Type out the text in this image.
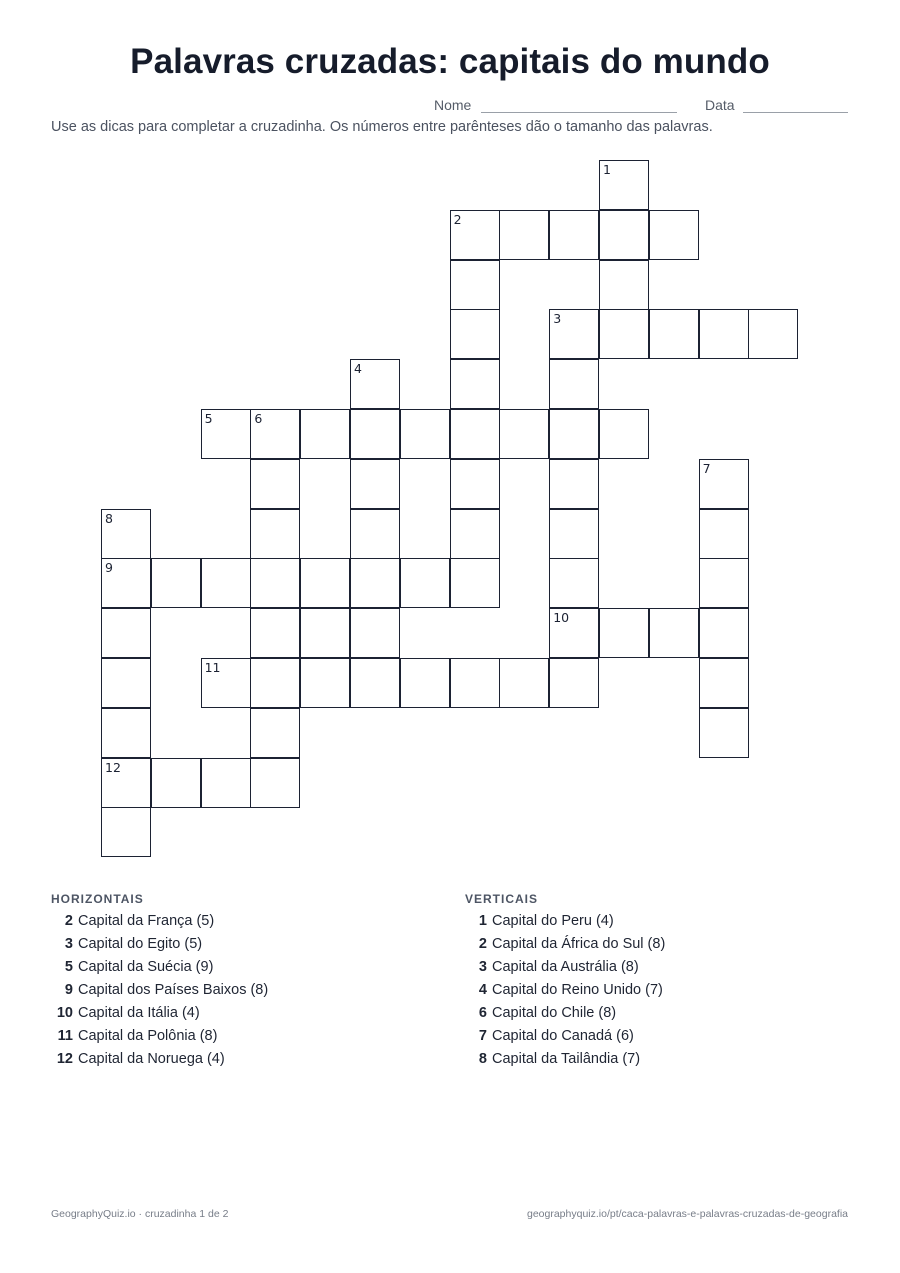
Palavras cruzadas: capitais do mundo
Nome	Data
Use as dicas para completar a cruzadinha. Os números entre parênteses dão o tamanho das palavras.
1
2
3
4
5	6
7
8
9
10
11
12
HORIZONTAIS
2 Capital da França (5)
3 Capital do Egito (5)
5 Capital da Suécia (9)
9 Capital dos Países Baixos (8)
10 Capital da Itália (4)
11 Capital da Polônia (8)
12 Capital da Noruega (4)
VERTICAIS
1 Capital do Peru (4)
2 Capital da África do Sul (8)
3 Capital da Austrália (8)
4 Capital do Reino Unido (7)
6 Capital do Chile (8)
7 Capital do Canadá (6)
8 Capital da Tailândia (7)
GeographyQuiz.io · cruzadinha 1 de 2	geographyquiz.io/pt/caca-palavras-e-palavras-cruzadas-de-geografia
